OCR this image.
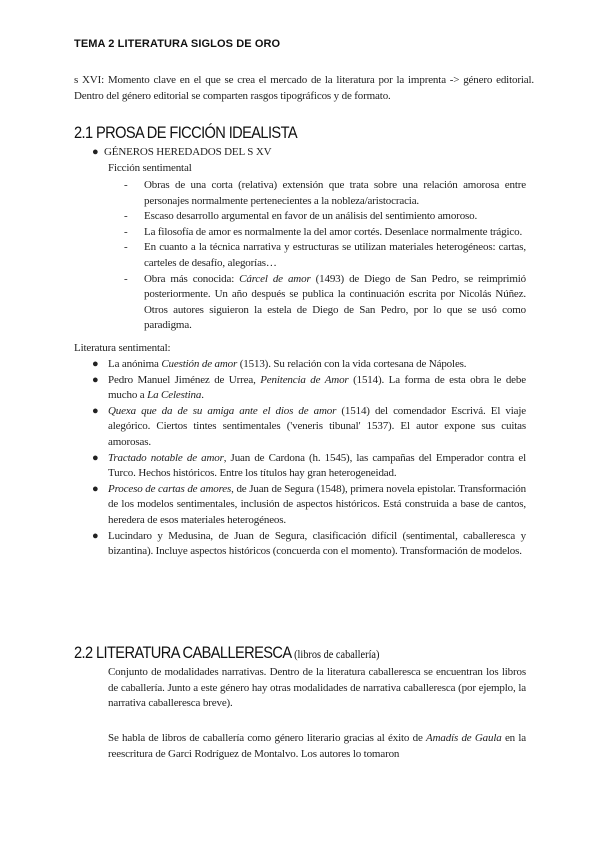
TEMA 2 LITERATURA SIGLOS DE ORO
s XVI: Momento clave en el que se crea el mercado de la literatura por la imprenta -> género editorial. Dentro del género editorial se comparten rasgos tipográficos y de formato.
2.1 PROSA DE FICCIÓN IDEALISTA
● GÉNEROS HEREDADOS DEL S XV
Ficción sentimental
- Obras de una corta (relativa) extensión que trata sobre una relación amorosa entre personajes normalmente pertenecientes a la nobleza/aristocracia.
- Escaso desarrollo argumental en favor de un análisis del sentimiento amoroso.
- La filosofía de amor es normalmente la del amor cortés. Desenlace normalmente trágico.
- En cuanto a la técnica narrativa y estructuras se utilizan materiales heterogéneos: cartas, carteles de desafío, alegorías…
- Obra más conocida: Cárcel de amor (1493) de Diego de San Pedro, se reimprimió posteriormente. Un año después se publica la continuación escrita por Nicolás Núñez. Otros autores siguieron la estela de Diego de San Pedro, por lo que se usó como paradigma.
Literatura sentimental:
● La anónima Cuestión de amor (1513). Su relación con la vida cortesana de Nápoles.
● Pedro Manuel Jiménez de Urrea, Penitencia de Amor (1514). La forma de esta obra le debe mucho a La Celestina.
● Quexa que da de su amiga ante el dios de amor (1514) del comendador Escrivá. El viaje alegórico. Ciertos tintes sentimentales ('veneris tibunal' 1537). El autor expone sus cuitas amorosas.
● Tractado notable de amor, Juan de Cardona (h. 1545), las campañas del Emperador contra el Turco. Hechos históricos. Entre los títulos hay gran heterogeneidad.
● Proceso de cartas de amores, de Juan de Segura (1548), primera novela epistolar. Transformación de los modelos sentimentales, inclusión de aspectos históricos. Está construida a base de cantos, heredera de esos materiales heterogéneos.
● Lucindaro y Medusina, de Juan de Segura, clasificación difícil (sentimental, caballeresca y bizantina). Incluye aspectos históricos (concuerda con el momento). Transformación de modelos.
2.2 LITERATURA CABALLERESCA (libros de caballería)
Conjunto de modalidades narrativas. Dentro de la literatura caballeresca se encuentran los libros de caballería. Junto a este género hay otras modalidades de narrativa caballeresca (por ejemplo, la narrativa caballeresca breve).
Se habla de libros de caballería como género literario gracias al éxito de Amadís de Gaula en la reescritura de Garci Rodríguez de Montalvo. Los autores lo tomaron
